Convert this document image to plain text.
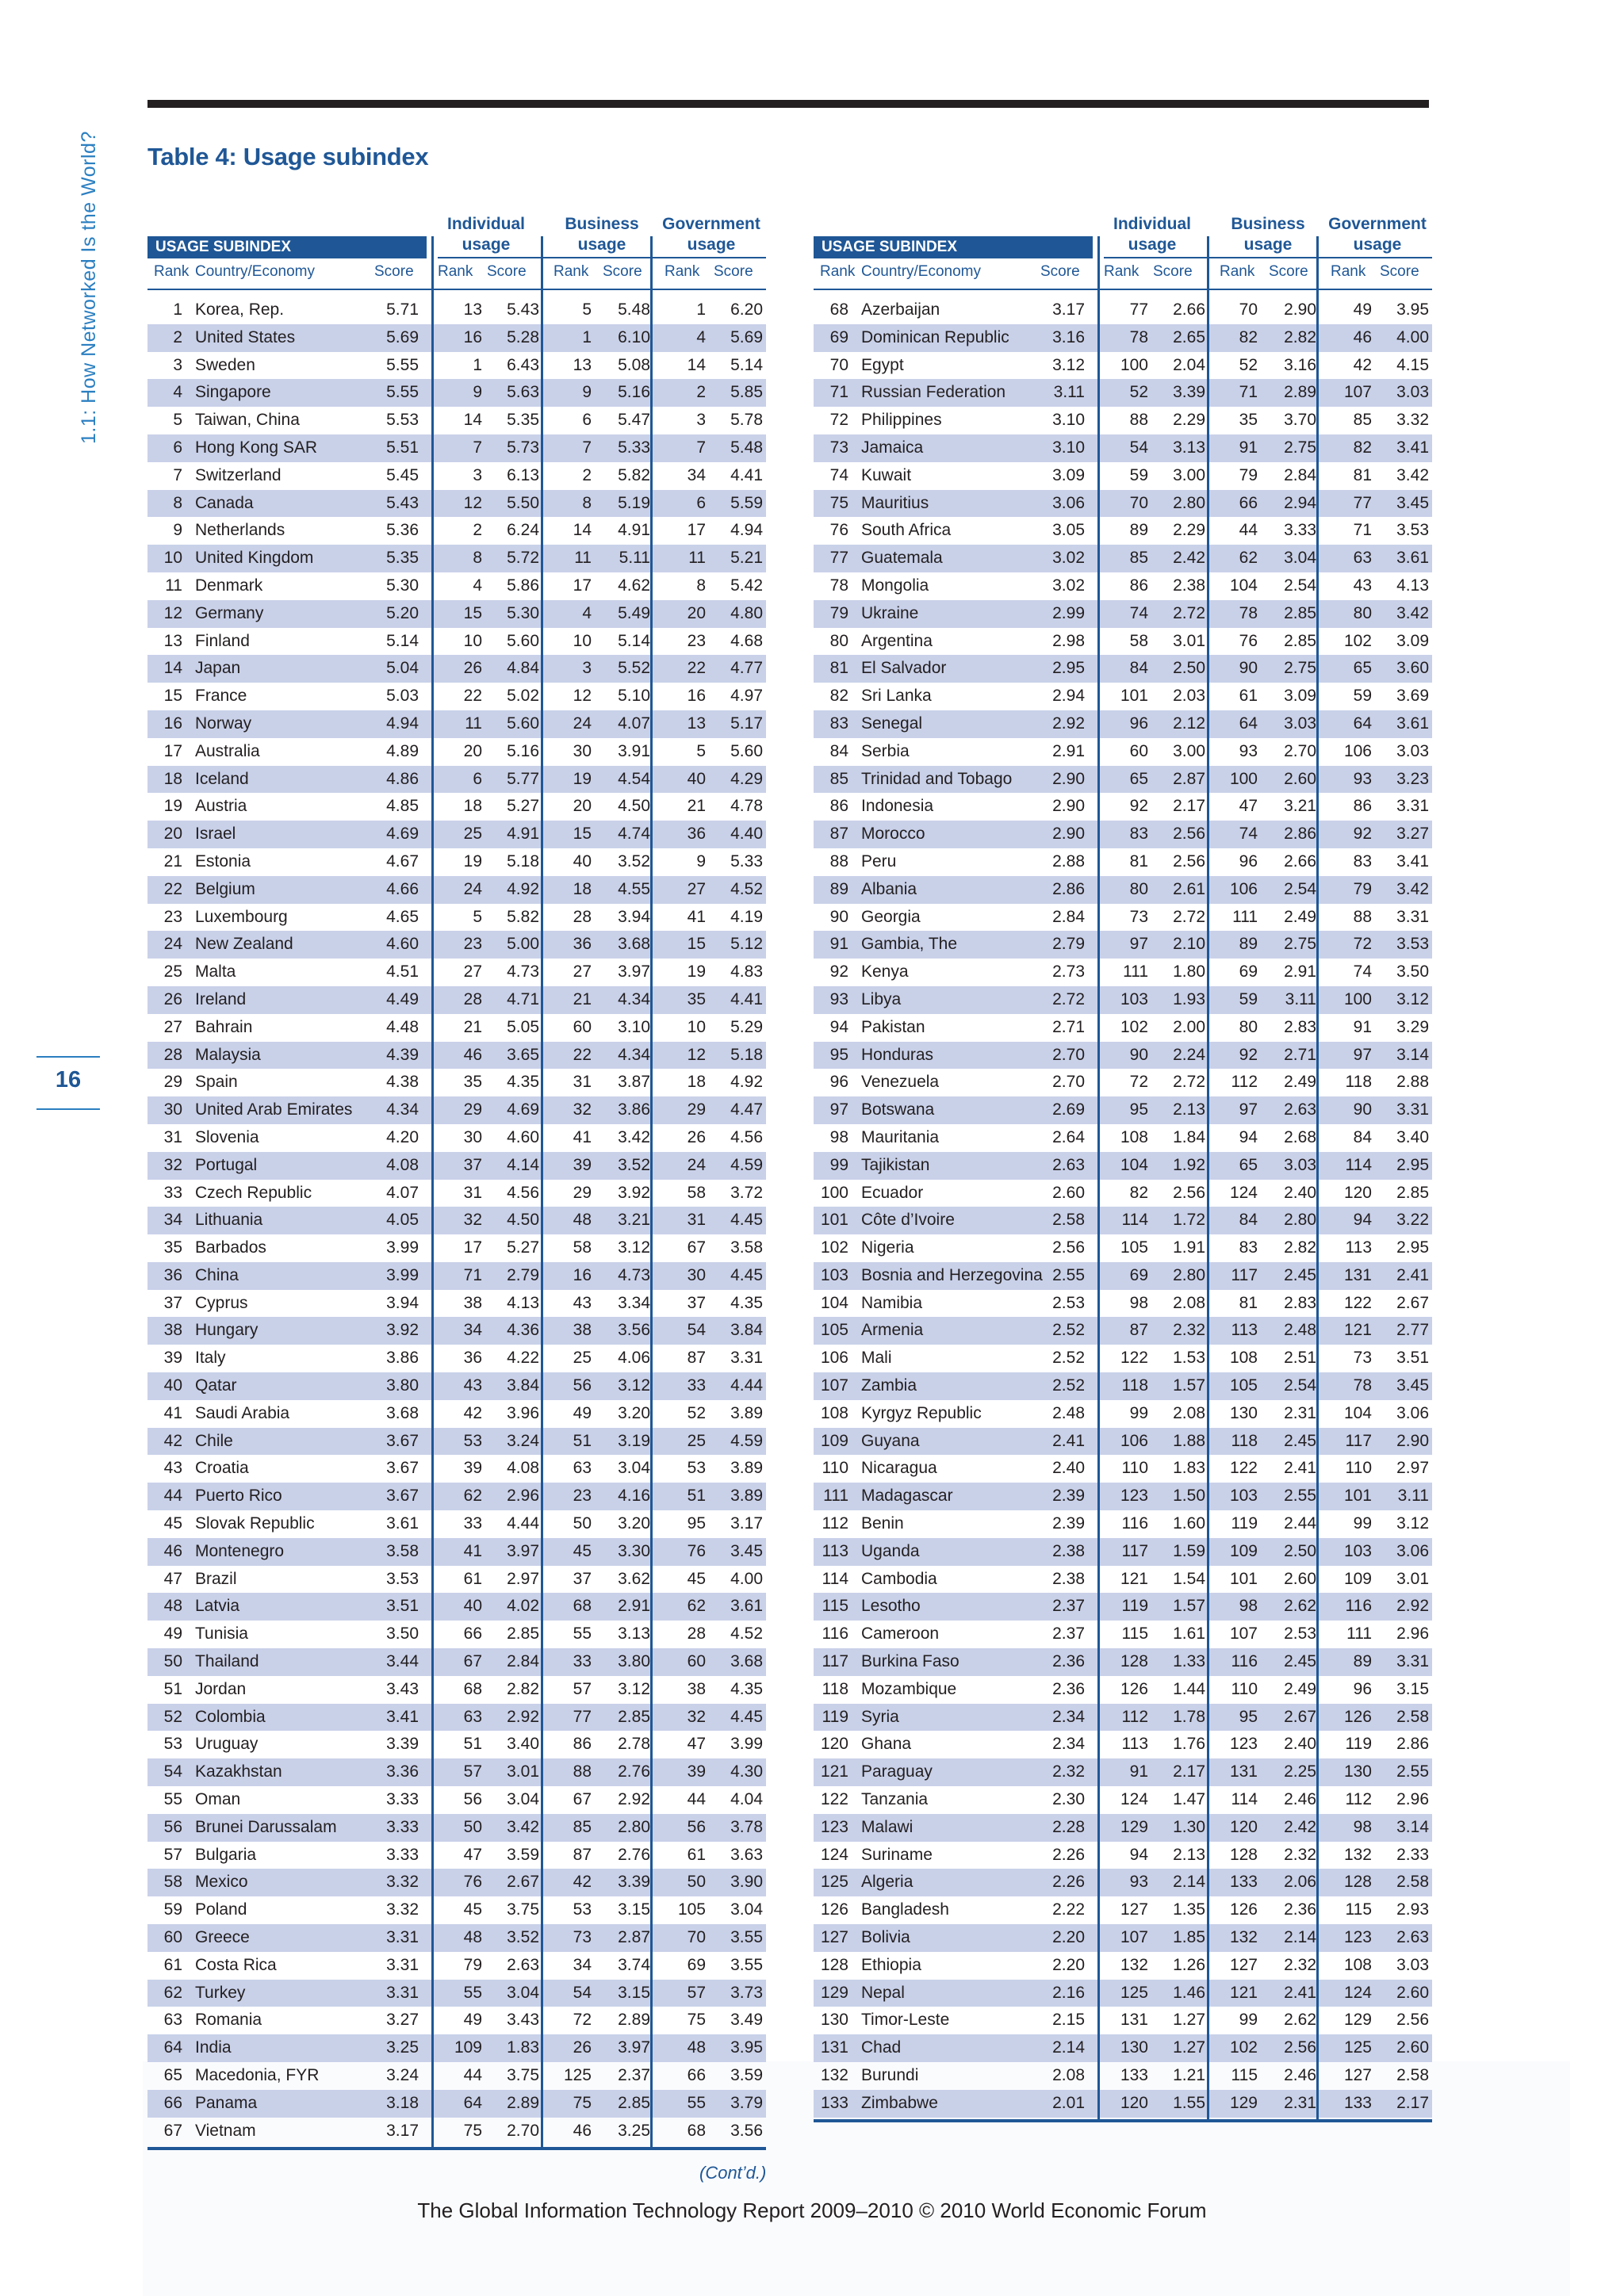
1.1: How Networked Is the World?
16
Table 4: Usage subindex
Individual usage
Business usage
Government usage
USAGE SUBINDEX
Rank Country/Economy	Score Rank Score Rank Score Rank Score
1 Korea, Rep.	5.71	13	5.43	5	5.48	1	6.20
2 United States	5.69	16	5.28	1	6.10	4	5.69
3 Sweden	5.55	1	6.43	13	5.08	14	5.14
4 Singapore	5.55	9	5.63	9	5.16	2	5.85
5 Taiwan, China	5.53	14	5.35	6	5.47	3	5.78
6 Hong Kong SAR	5.51	7	5.73	7	5.33	7	5.48
7 Switzerland	5.45	3	6.13	2	5.82	34	4.41
8 Canada	5.43	12	5.50	8	5.19	6	5.59
9 Netherlands	5.36	2	6.24	14	4.91	17	4.94
10 United Kingdom	5.35	8	5.72	11	5.11	11	5.21
11 Denmark	5.30	4	5.86	17	4.62	8	5.42
12 Germany	5.20	15	5.30	4	5.49	20	4.80
13 Finland	5.14	10	5.60	10	5.14	23	4.68
14 Japan	5.04	26	4.84	3	5.52	22	4.77
15 France	5.03	22	5.02	12	5.10	16	4.97
16 Norway	4.94	11	5.60	24	4.07	13	5.17
17 Australia	4.89	20	5.16	30	3.91	5	5.60
18 Iceland	4.86	6	5.77	19	4.54	40	4.29
19 Austria	4.85	18	5.27	20	4.50	21	4.78
20 Israel	4.69	25	4.91	15	4.74	36	4.40
21 Estonia	4.67	19	5.18	40	3.52	9	5.33
22 Belgium	4.66	24	4.92	18	4.55	27	4.52
23 Luxembourg	4.65	5	5.82	28	3.94	41	4.19
24 New Zealand	4.60	23	5.00	36	3.68	15	5.12
25 Malta	4.51	27	4.73	27	3.97	19	4.83
26 Ireland	4.49	28	4.71	21	4.34	35	4.41
27 Bahrain	4.48	21	5.05	60	3.10	10	5.29
28 Malaysia	4.39	46	3.65	22	4.34	12	5.18
29 Spain	4.38	35	4.35	31	3.87	18	4.92
30 United Arab Emirates	4.34	29	4.69	32	3.86	29	4.47
31 Slovenia	4.20	30	4.60	41	3.42	26	4.56
32 Portugal	4.08	37	4.14	39	3.52	24	4.59
33 Czech Republic	4.07	31	4.56	29	3.92	58	3.72
34 Lithuania	4.05	32	4.50	48	3.21	31	4.45
35 Barbados	3.99	17	5.27	58	3.12	67	3.58
36 China	3.99	71	2.79	16	4.73	30	4.45
37 Cyprus	3.94	38	4.13	43	3.34	37	4.35
38 Hungary	3.92	34	4.36	38	3.56	54	3.84
39 Italy	3.86	36	4.22	25	4.06	87	3.31
40 Qatar	3.80	43	3.84	56	3.12	33	4.44
41 Saudi Arabia	3.68	42	3.96	49	3.20	52	3.89
42 Chile	3.67	53	3.24	51	3.19	25	4.59
43 Croatia	3.67	39	4.08	63	3.04	53	3.89
44 Puerto Rico	3.67	62	2.96	23	4.16	51	3.89
45 Slovak Republic	3.61	33	4.44	50	3.20	95	3.17
46 Montenegro	3.58	41	3.97	45	3.30	76	3.45
47 Brazil	3.53	61	2.97	37	3.62	45	4.00
48 Latvia	3.51	40	4.02	68	2.91	62	3.61
49 Tunisia	3.50	66	2.85	55	3.13	28	4.52
50 Thailand	3.44	67	2.84	33	3.80	60	3.68
51 Jordan	3.43	68	2.82	57	3.12	38	4.35
52 Colombia	3.41	63	2.92	77	2.85	32	4.45
53 Uruguay	3.39	51	3.40	86	2.78	47	3.99
54 Kazakhstan	3.36	57	3.01	88	2.76	39	4.30
55 Oman	3.33	56	3.04	67	2.92	44	4.04
56 Brunei Darussalam	3.33	50	3.42	85	2.80	56	3.78
57 Bulgaria	3.33	47	3.59	87	2.76	61	3.63
58 Mexico	3.32	76	2.67	42	3.39	50	3.90
59 Poland	3.32	45	3.75	53	3.15	105	3.04
60 Greece	3.31	48	3.52	73	2.87	70	3.55
61 Costa Rica	3.31	79	2.63	34	3.74	69	3.55
62 Turkey	3.31	55	3.04	54	3.15	57	3.73
63 Romania	3.27	49	3.43	72	2.89	75	3.49
64 India	3.25	109	1.83	26	3.97	48	3.95
65 Macedonia, FYR	3.24	44	3.75	125	2.37	66	3.59
66 Panama	3.18	64	2.89	75	2.85	55	3.79
67 Vietnam	3.17	75	2.70	46	3.25	68	3.56
Individual usage
Business usage
Government usage
USAGE SUBINDEX
Rank Country/Economy	Score Rank Score Rank Score Rank Score
68 Azerbaijan	3.17	77	2.66	70	2.90	49	3.95
69 Dominican Republic	3.16	78	2.65	82	2.82	46	4.00
70 Egypt	3.12	100	2.04	52	3.16	42	4.15
71 Russian Federation	3.11	52	3.39	71	2.89	107	3.03
72 Philippines	3.10	88	2.29	35	3.70	85	3.32
73 Jamaica	3.10	54	3.13	91	2.75	82	3.41
74 Kuwait	3.09	59	3.00	79	2.84	81	3.42
75 Mauritius	3.06	70	2.80	66	2.94	77	3.45
76 South Africa	3.05	89	2.29	44	3.33	71	3.53
77 Guatemala	3.02	85	2.42	62	3.04	63	3.61
78 Mongolia	3.02	86	2.38	104	2.54	43	4.13
79 Ukraine	2.99	74	2.72	78	2.85	80	3.42
80 Argentina	2.98	58	3.01	76	2.85	102	3.09
81 El Salvador	2.95	84	2.50	90	2.75	65	3.60
82 Sri Lanka	2.94	101	2.03	61	3.09	59	3.69
83 Senegal	2.92	96	2.12	64	3.03	64	3.61
84 Serbia	2.91	60	3.00	93	2.70	106	3.03
85 Trinidad and Tobago	2.90	65	2.87	100	2.60	93	3.23
86 Indonesia	2.90	92	2.17	47	3.21	86	3.31
87 Morocco	2.90	83	2.56	74	2.86	92	3.27
88 Peru	2.88	81	2.56	96	2.66	83	3.41
89 Albania	2.86	80	2.61	106	2.54	79	3.42
90 Georgia	2.84	73	2.72	111	2.49	88	3.31
91 Gambia, The	2.79	97	2.10	89	2.75	72	3.53
92 Kenya	2.73	111	1.80	69	2.91	74	3.50
93 Libya	2.72	103	1.93	59	3.11	100	3.12
94 Pakistan	2.71	102	2.00	80	2.83	91	3.29
95 Honduras	2.70	90	2.24	92	2.71	97	3.14
96 Venezuela	2.70	72	2.72	112	2.49	118	2.88
97 Botswana	2.69	95	2.13	97	2.63	90	3.31
98 Mauritania	2.64	108	1.84	94	2.68	84	3.40
99 Tajikistan	2.63	104	1.92	65	3.03	114	2.95
100 Ecuador	2.60	82	2.56	124	2.40	120	2.85
101 Côte d’Ivoire	2.58	114	1.72	84	2.80	94	3.22
102 Nigeria	2.56	105	1.91	83	2.82	113	2.95
103 Bosnia and Herzegovina 2.55	69	2.80	117	2.45	131	2.41
104 Namibia	2.53	98	2.08	81	2.83	122	2.67
105 Armenia	2.52	87	2.32	113	2.48	121	2.77
106 Mali	2.52	122	1.53	108	2.51	73	3.51
107 Zambia	2.52	118	1.57	105	2.54	78	3.45
108 Kyrgyz Republic	2.48	99	2.08	130	2.31	104	3.06
109 Guyana	2.41	106	1.88	118	2.45	117	2.90
110 Nicaragua	2.40	110	1.83	122	2.41	110	2.97
111 Madagascar	2.39	123	1.50	103	2.55	101	3.11
112 Benin	2.39	116	1.60	119	2.44	99	3.12
113 Uganda	2.38	117	1.59	109	2.50	103	3.06
114 Cambodia	2.38	121	1.54	101	2.60	109	3.01
115 Lesotho	2.37	119	1.57	98	2.62	116	2.92
116 Cameroon	2.37	115	1.61	107	2.53	111	2.96
117 Burkina Faso	2.36	128	1.33	116	2.45	89	3.31
118 Mozambique	2.36	126	1.44	110	2.49	96	3.15
119 Syria	2.34	112	1.78	95	2.67	126	2.58
120 Ghana	2.34	113	1.76	123	2.40	119	2.86
121 Paraguay	2.32	91	2.17	131	2.25	130	2.55
122 Tanzania	2.30	124	1.47	114	2.46	112	2.96
123 Malawi	2.28	129	1.30	120	2.42	98	3.14
124 Suriname	2.26	94	2.13	128	2.32	132	2.33
125 Algeria	2.26	93	2.14	133	2.06	128	2.58
126 Bangladesh	2.22	127	1.35	126	2.36	115	2.93
127 Bolivia	2.20	107	1.85	132	2.14	123	2.63
128 Ethiopia	2.20	132	1.26	127	2.32	108	3.03
129 Nepal	2.16	125	1.46	121	2.41	124	2.60
130 Timor-Leste	2.15	131	1.27	99	2.62	129	2.56
131 Chad	2.14	130	1.27	102	2.56	125	2.60
132 Burundi	2.08	133	1.21	115	2.46	127	2.58
133 Zimbabwe	2.01	120	1.55	129	2.31	133	2.17
(Cont’d.)
The Global Information Technology Report 2009–2010 © 2010 World Economic Forum
